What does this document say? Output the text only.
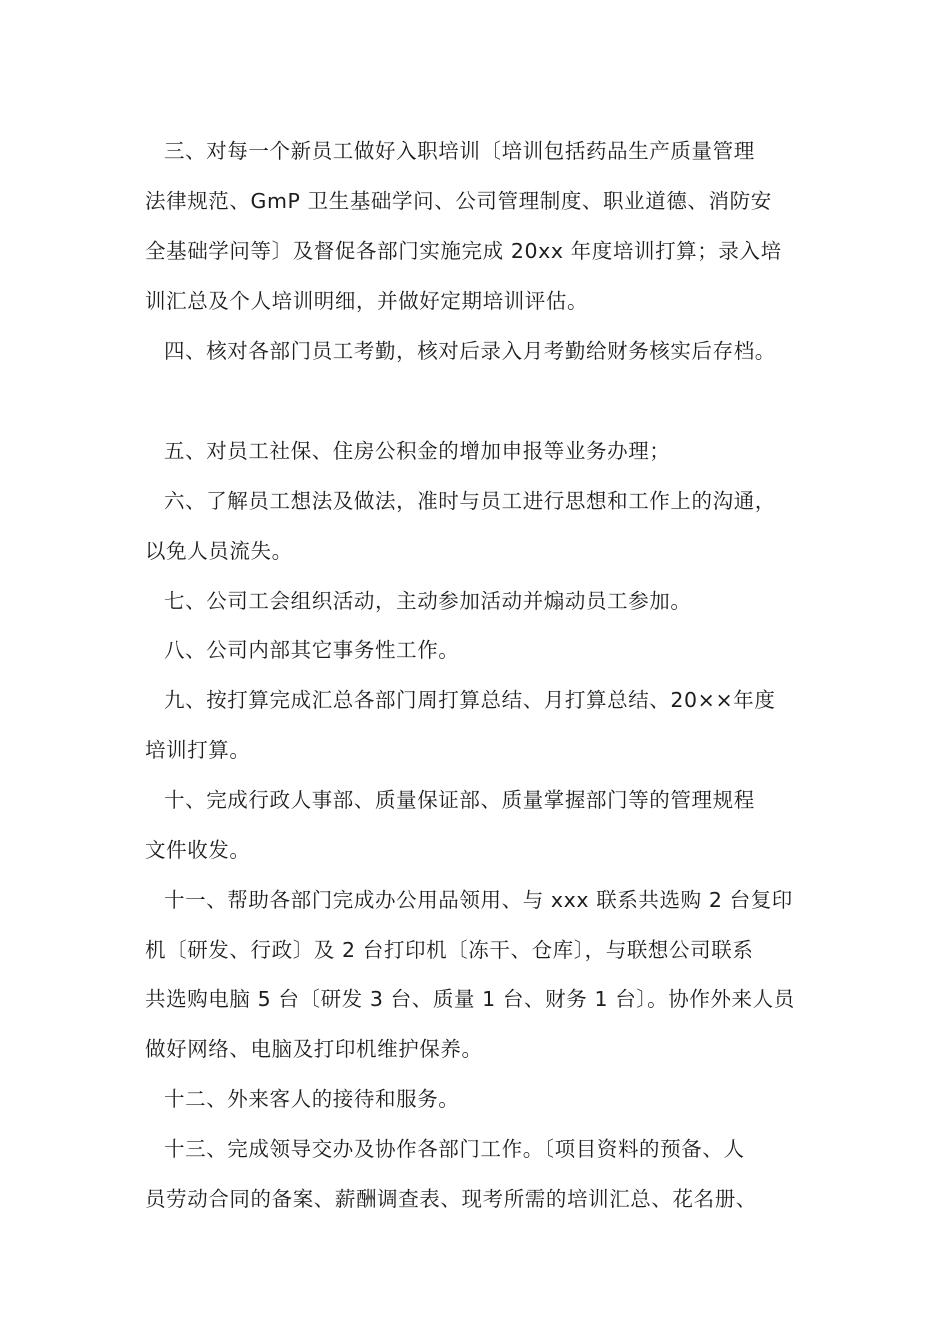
三、对每一个新员工做好入职培训〔培训包括药品生产质量管理
法律规范、GmP 卫生基础学问、公司管理制度、职业道德、消防安
全基础学问等〕及督促各部门实施完成 20xx 年度培训打算；录入培
训汇总及个人培训明细，并做好定期培训评估。
四、核对各部门员工考勤，核对后录入月考勤给财务核实后存档。
五、对员工社保、住房公积金的增加申报等业务办理；
六、了解员工想法及做法，准时与员工进行思想和工作上的沟通，
以免人员流失。
七、公司工会组织活动，主动参加活动并煽动员工参加。
八、公司内部其它事务性工作。
九、按打算完成汇总各部门周打算总结、月打算总结、20××年度
培训打算。
十、完成行政人事部、质量保证部、质量掌握部门等的管理规程
文件收发。
十一、帮助各部门完成办公用品领用、与 xxx 联系共选购 2 台复印
机〔研发、行政〕及 2 台打印机〔冻干、仓库〕，与联想公司联系
共选购电脑 5 台〔研发 3 台、质量 1 台、财务 1 台〕。协作外来人员
做好网络、电脑及打印机维护保养。
十二、外来客人的接待和服务。
十三、完成领导交办及协作各部门工作。〔项目资料的预备、人
员劳动合同的备案、薪酬调查表、现考所需的培训汇总、花名册、
